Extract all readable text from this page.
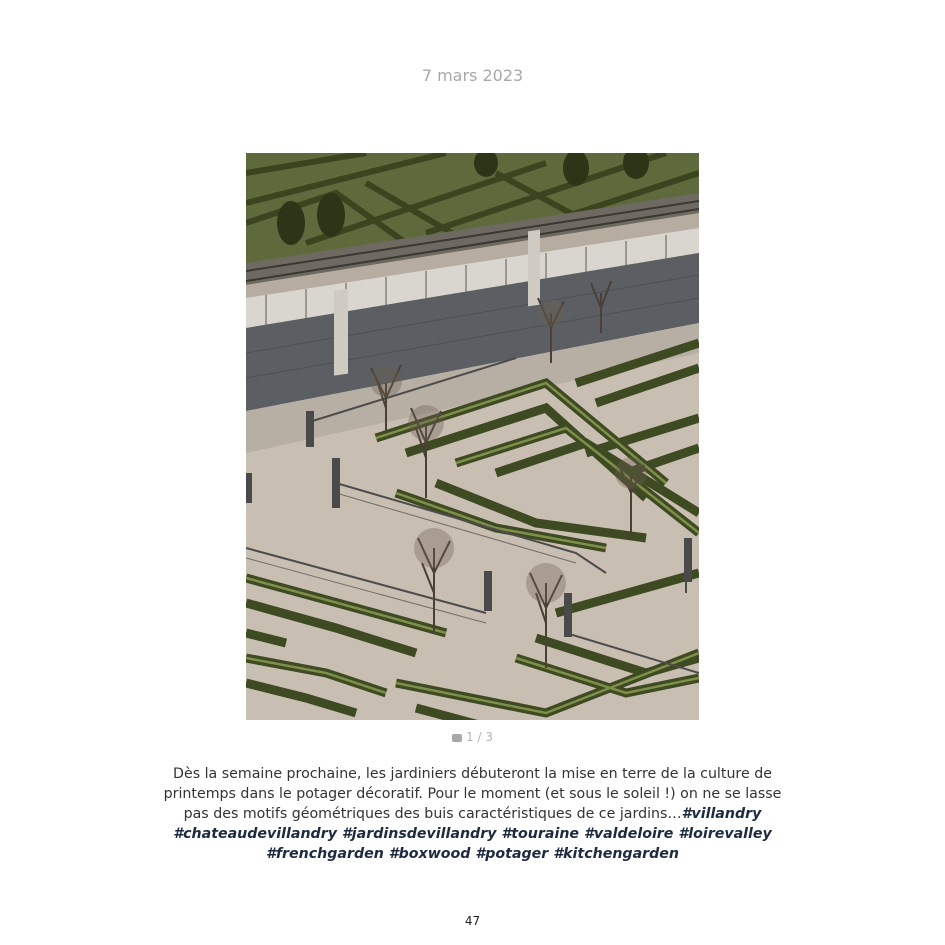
7 mars 2023
1 / 3
Dès la semaine prochaine, les jardiniers débuteront la mise en terre de la culture de printemps dans le potager décoratif. Pour le moment (et sous le soleil !) on ne se lasse pas des motifs géométriques des buis caractéristiques de ce jardins…#villandry #chateaudevillandry #jardinsdevillandry #touraine #valdeloire #loirevalley #frenchgarden #boxwood #potager #kitchengarden
47
